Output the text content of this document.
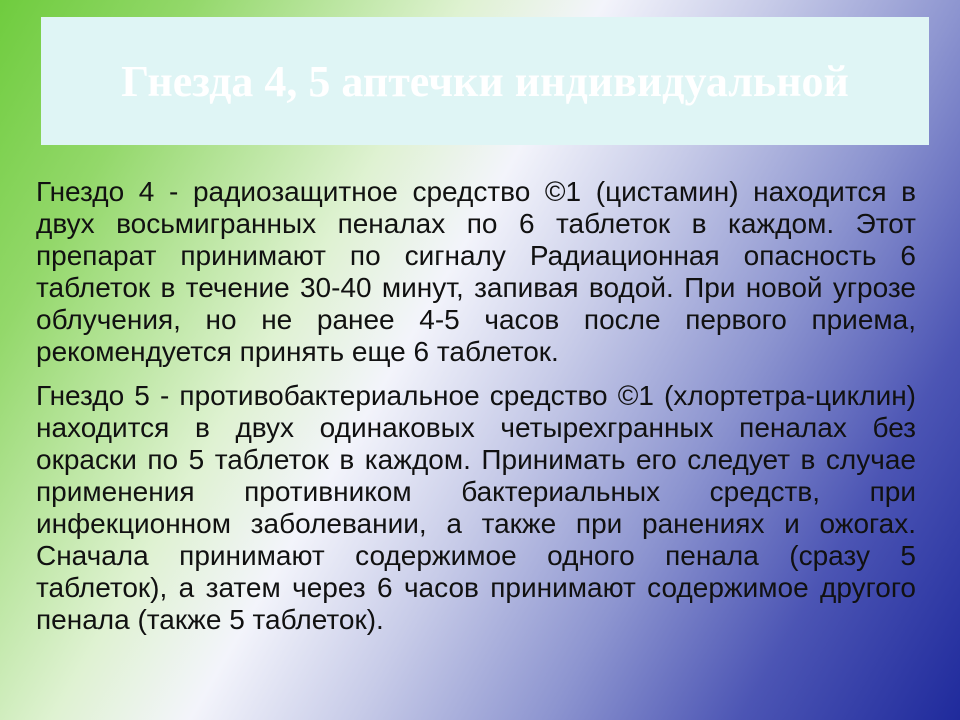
Гнезда 4, 5 аптечки индивидуальной

Гнездо 4 - радиозащитное средство ©1 (цистамин) находится в двух восьмигранных пеналах по 6 таблеток в каждом. Этот препарат принимают по сигналу Радиационная опасность 6 таблеток в течение 30-40 минут, запивая водой. При новой угрозе облучения, но не ранее 4-5 часов после первого приема, рекомендуется принять еще 6 таблеток.

Гнездо 5 - противобактериальное средство ©1 (хлортетра-циклин) находится в двух одинаковых четырехгранных пеналах без окраски по 5 таблеток в каждом. Принимать его следует в случае применения противником бактериальных средств, при инфекционном заболевании, а также при ранениях и ожогах. Сначала принимают содержимое одного пенала (сразу 5 таблеток), а затем через 6 часов принимают содержимое другого пенала (также 5 таблеток).
